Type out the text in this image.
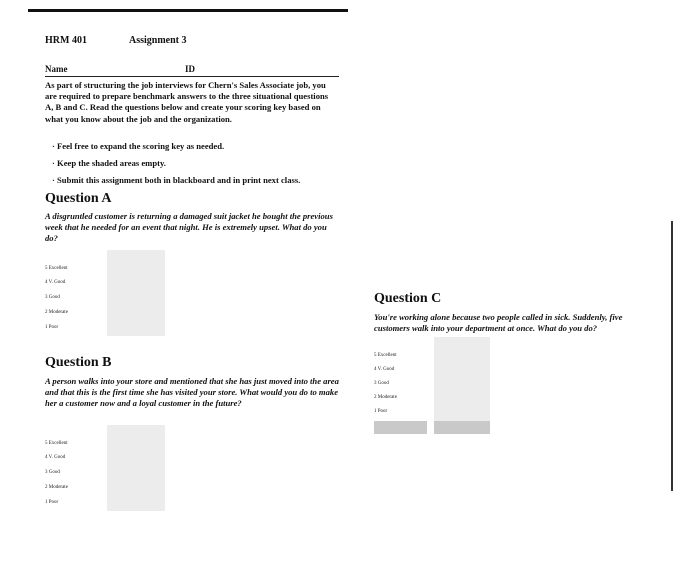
HRM 401	Assignment 3
Name	ID
As part of structuring the job interviews for Chern's Sales Associate job, you are required to prepare benchmark answers to the three situational questions A, B and C. Read the questions below and create your scoring key based on what you know about the job and the organization.
· Feel free to expand the scoring key as needed.
· Keep the shaded areas empty.
· Submit this assignment both in blackboard and in print next class.
Question A
A disgruntled customer is returning a damaged suit jacket he bought the previous week that he needed for an event that night. He is extremely upset. What do you do?
5 Excellent
4 V. Good
3 Good
2 Moderate
1 Poor
Question B
A person walks into your store and mentioned that she has just moved into the area and that this is the first time she has visited your store. What would you do to make her a customer now and a loyal customer in the future?
5 Excellent
4 V. Good
3 Good
2 Moderate
1 Poor
Question C
You're working alone because two people called in sick. Suddenly, five customers walk into your department at once. What do you do?
5 Excellent
4 V. Good
3 Good
2 Moderate
1 Poor
